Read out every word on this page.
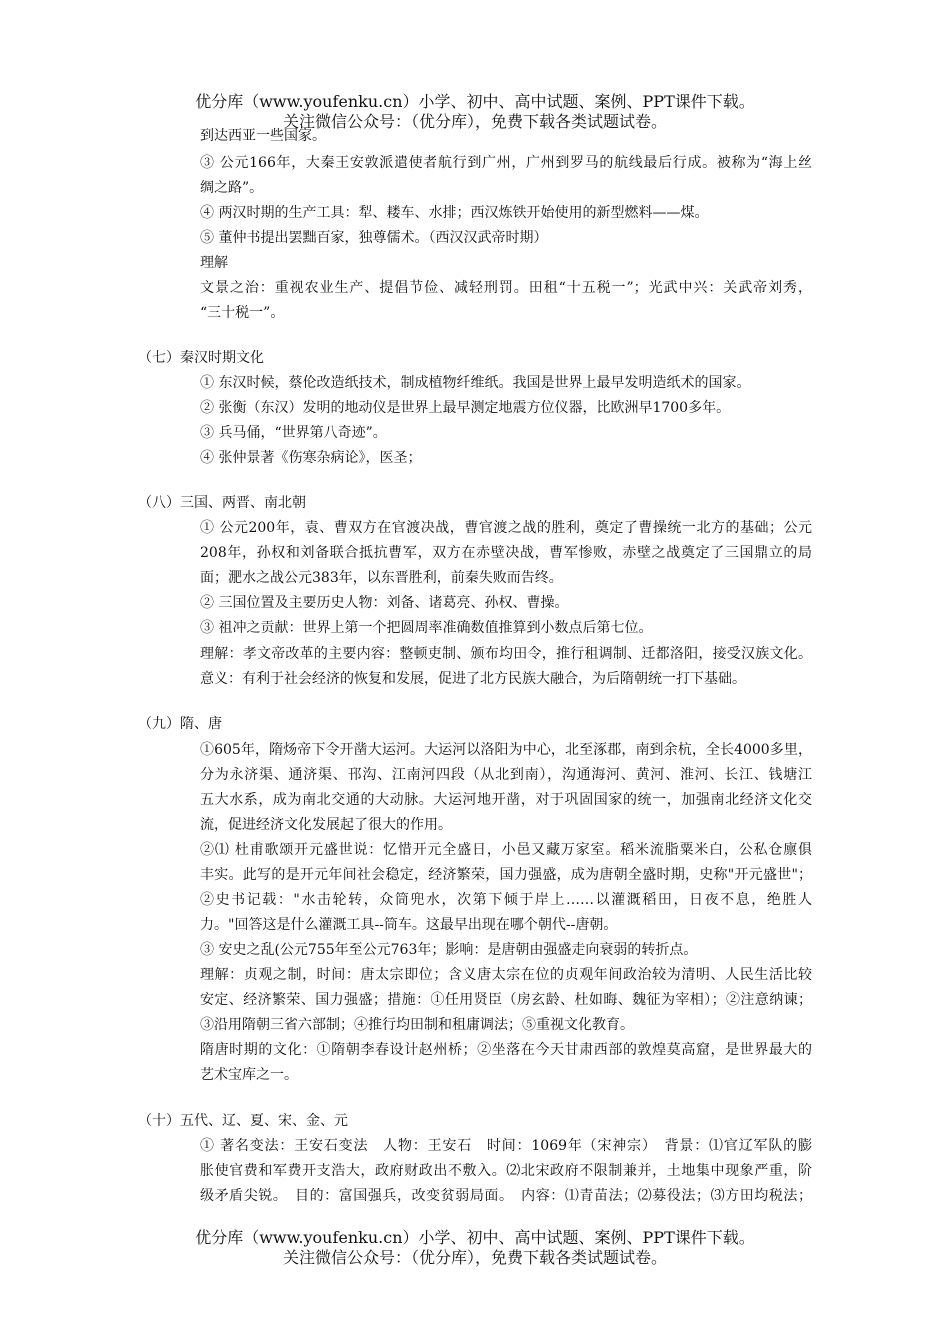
优分库（www.youfenku.cn）小学、初中、高中试题、案例、PPT课件下载。
关注微信公众号：（优分库），免费下载各类试题试卷。
到达西亚一些国家。
③ 公元166年，大秦王安敦派遣使者航行到广州，广州到罗马的航线最后行成。被称为“海上丝
绸之路”。
④ 两汉时期的生产工具：犁、耧车、水排；西汉炼铁开始使用的新型燃料——煤。
⑤ 董仲书提出罢黜百家，独尊儒术。（西汉汉武帝时期）
理解
文景之治：重视农业生产、提倡节俭、减轻刑罚。田租“十五税一”；光武中兴：关武帝刘秀，
“三十税一”。
（七）秦汉时期文化
① 东汉时候，蔡伦改造纸技术，制成植物纤维纸。我国是世界上最早发明造纸术的国家。
② 张衡（东汉）发明的地动仪是世界上最早测定地震方位仪器，比欧洲早1700多年。
③ 兵马俑，“世界第八奇迹”。
④ 张仲景著《伤寒杂病论》，医圣；
（八）三国、两晋、南北朝
① 公元200年，袁、曹双方在官渡决战，曹官渡之战的胜利，奠定了曹操统一北方的基础；公元
208年，孙权和刘备联合抵抗曹军，双方在赤壁决战，曹军惨败，赤壁之战奠定了三国鼎立的局
面；淝水之战公元383年，以东晋胜利，前秦失败而告终。
② 三国位置及主要历史人物：刘备、诸葛亮、孙权、曹操。
③ 祖冲之贡献：世界上第一个把圆周率准确数值推算到小数点后第七位。
理解：孝文帝改革的主要内容：整顿吏制、颁布均田令，推行租调制、迁都洛阳，接受汉族文化。
意义：有利于社会经济的恢复和发展，促进了北方民族大融合，为后隋朝统一打下基础。
（九）隋、唐
①605年，隋炀帝下令开凿大运河。大运河以洛阳为中心，北至涿郡，南到余杭，全长4000多里，
分为永济渠、通济渠、邗沟、江南河四段（从北到南），沟通海河、黄河、淮河、长江、钱塘江
五大水系，成为南北交通的大动脉。大运河地开凿，对于巩固国家的统一，加强南北经济文化交
流，促进经济文化发展起了很大的作用。
②⑴ 杜甫歌颂开元盛世说：忆惜开元全盛日，小邑又藏万家室。稻米流脂粟米白，公私仓廪俱
丰实。此写的是开元年间社会稳定，经济繁荣，国力强盛，成为唐朝全盛时期，史称"开元盛世"；
②史书记载："水击轮转，众筒兜水，次第下倾于岸上……以灌溉稻田，日夜不息，绝胜人
力。"回答这是什么灌溉工具--筒车。这最早出现在哪个朝代--唐朝。
③ 安史之乱(公元755年至公元763年；影响：是唐朝由强盛走向衰弱的转折点。
理解：贞观之制，时间：唐太宗即位；含义唐太宗在位的贞观年间政治较为清明、人民生活比较
安定、经济繁荣、国力强盛；措施：①任用贤臣（房玄龄、杜如晦、魏征为宰相）；②注意纳谏；
③沿用隋朝三省六部制；④推行均田制和租庸调法；⑤重视文化教育。
隋唐时期的文化：①隋朝李春设计赵州桥；②坐落在今天甘肃西部的敦煌莫高窟，是世界最大的
艺术宝库之一。
（十）五代、辽、夏、宋、金、元
① 著名变法：王安石变法　人物：王安石　时间：1069年（宋神宗）　背景：⑴官辽军队的膨
胀使官费和军费开支浩大，政府财政出不敷入。⑵北宋政府不限制兼并，土地集中现象严重，阶
级矛盾尖锐。　目的：富国强兵，改变贫弱局面。　内容：⑴青苗法；⑵募役法；⑶方田均税法；
优分库（www.youfenku.cn）小学、初中、高中试题、案例、PPT课件下载。
关注微信公众号：（优分库），免费下载各类试题试卷。
